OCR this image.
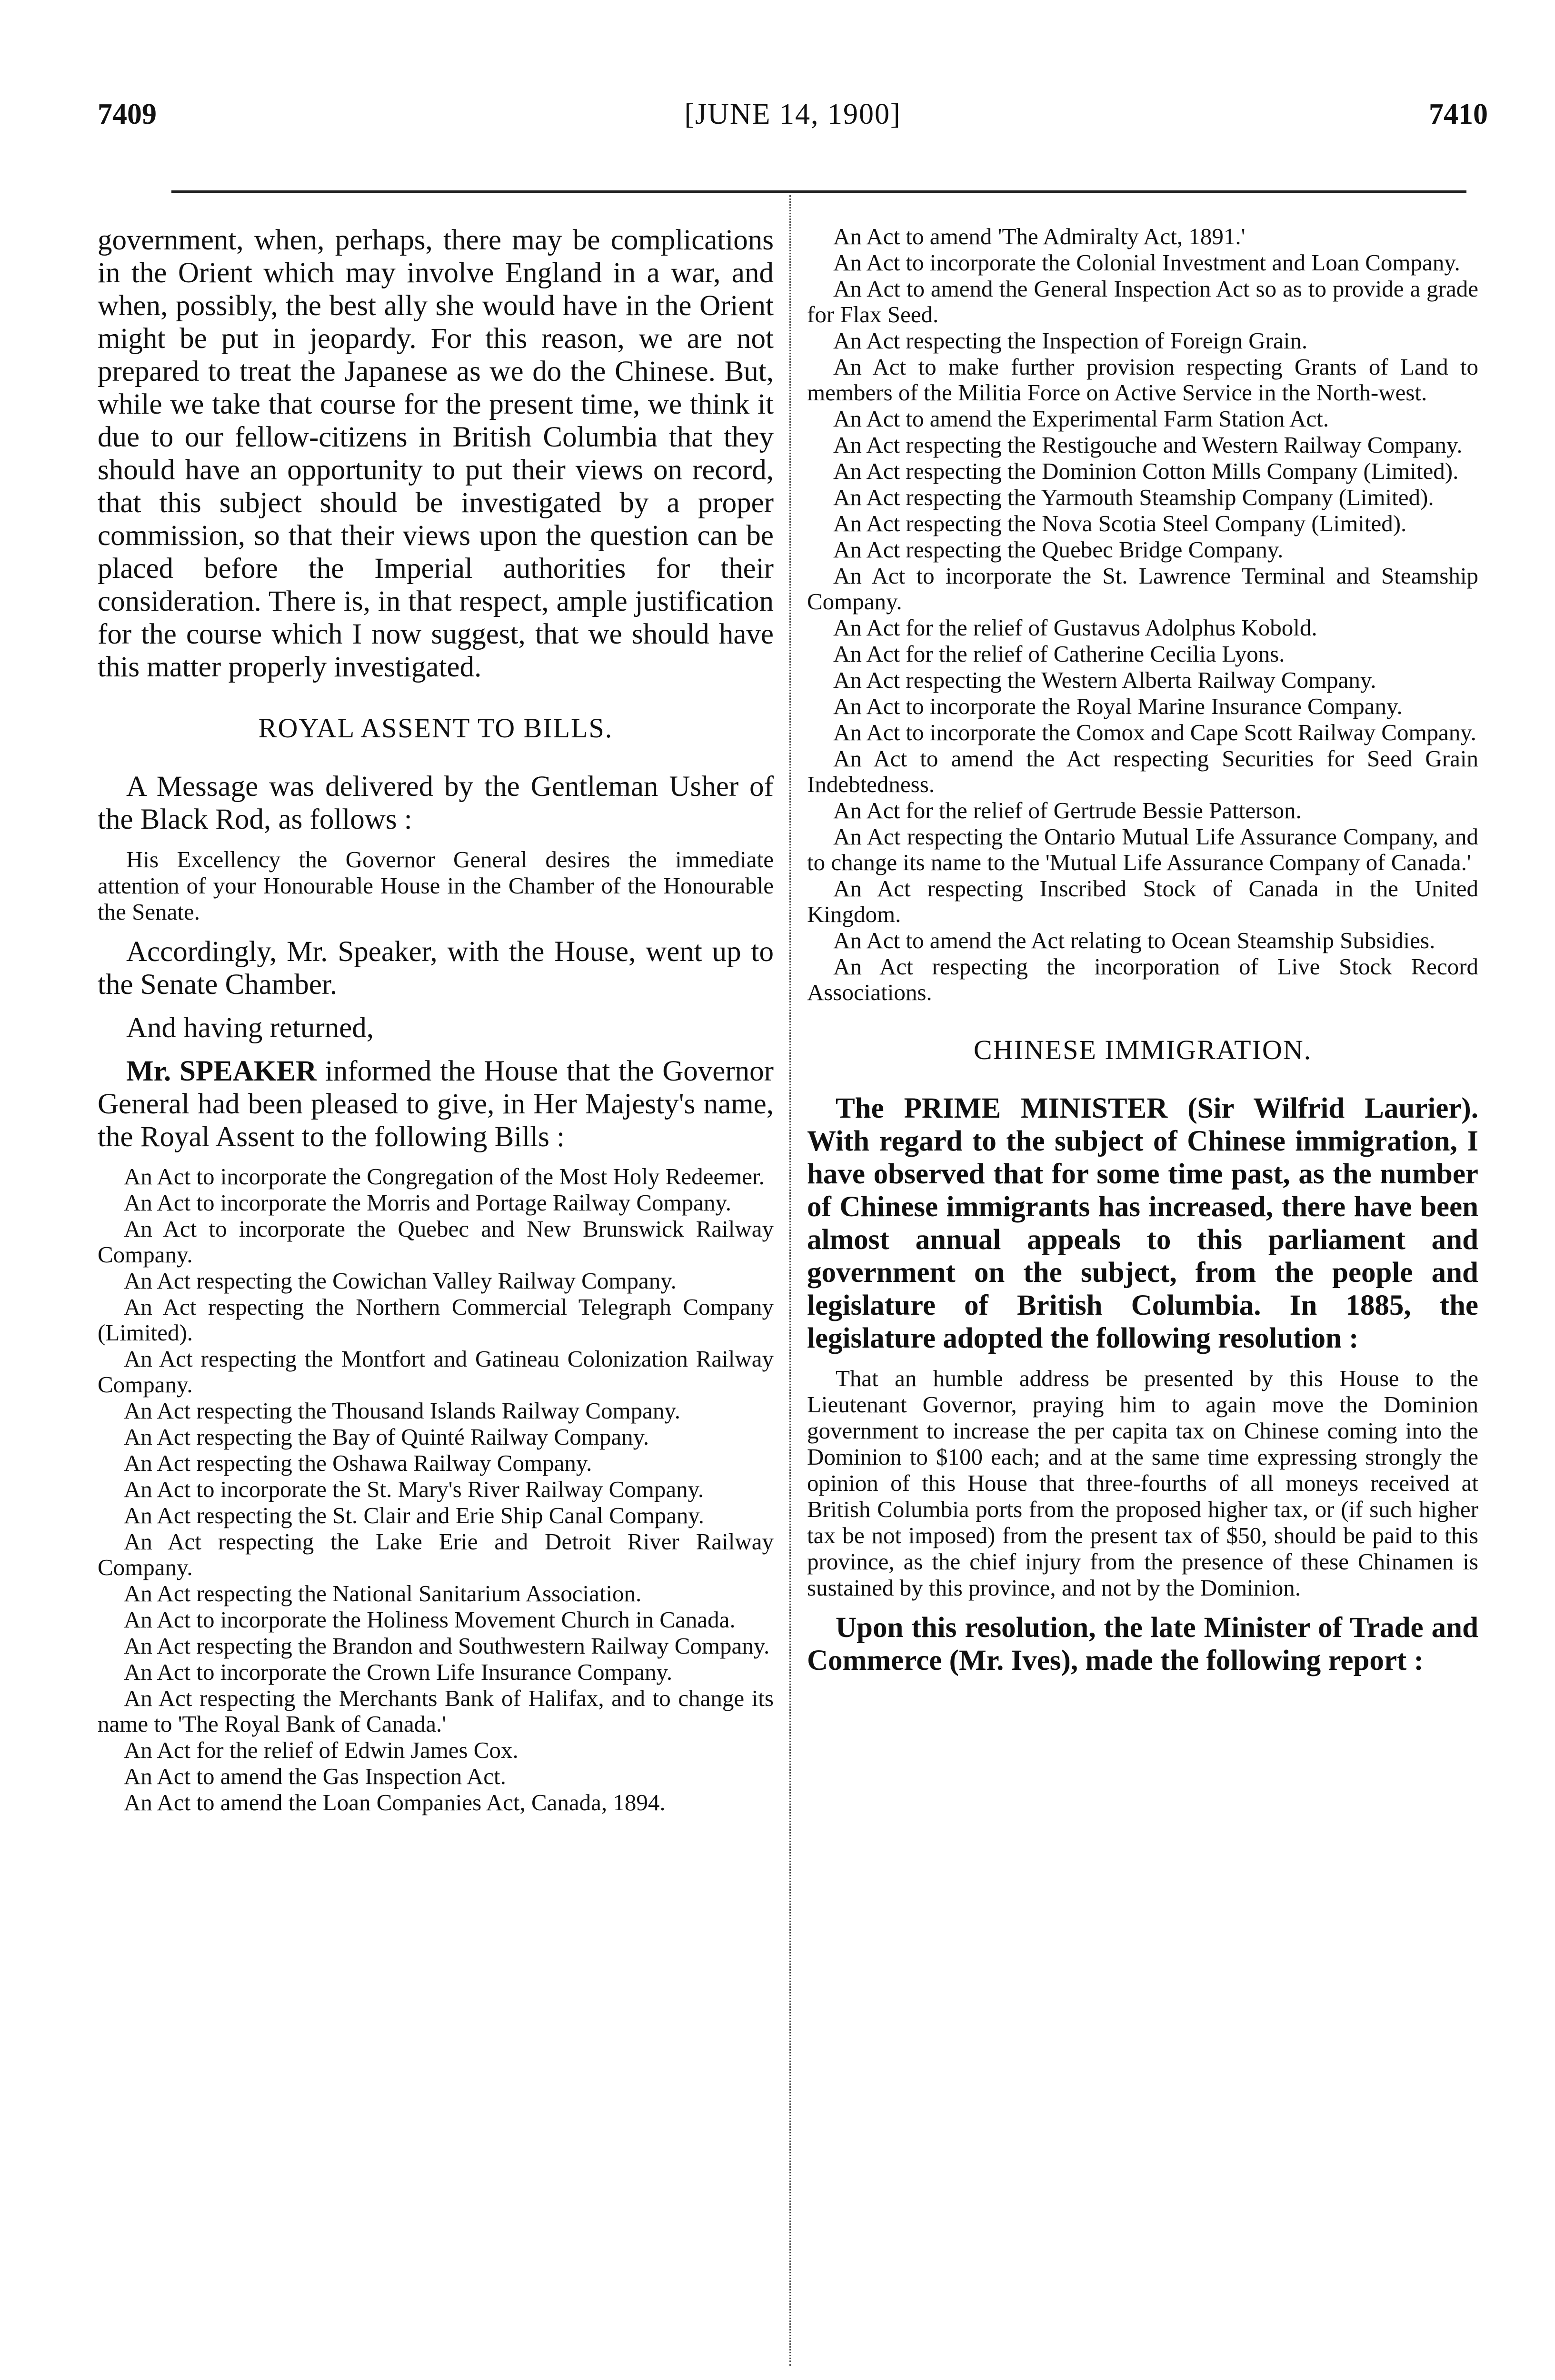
7409	[JUNE 14, 1900]	7410

government, when, perhaps, there may be complications in the Orient which may involve England in a war, and when, possibly, the best ally she would have in the Orient might be put in jeopardy. For this reason, we are not prepared to treat the Japanese as we do the Chinese. But, while we take that course for the present time, we think it due to our fellow-citizens in British Columbia that they should have an opportunity to put their views on record, that this subject should be investigated by a proper commission, so that their views upon the question can be placed before the Imperial authorities for their consideration. There is, in that respect, ample justification for the course which I now suggest, that we should have this matter properly investigated.

ROYAL ASSENT TO BILLS.

A Message was delivered by the Gentleman Usher of the Black Rod, as follows :

His Excellency the Governor General desires the immediate attention of your Honourable House in the Chamber of the Honourable the Senate.

Accordingly, Mr. Speaker, with the House, went up to the Senate Chamber.

And having returned,

Mr. SPEAKER informed the House that the Governor General had been pleased to give, in Her Majesty's name, the Royal Assent to the following Bills :

An Act to incorporate the Congregation of the Most Holy Redeemer.

An Act to incorporate the Morris and Portage Railway Company.

An Act to incorporate the Quebec and New Brunswick Railway Company.

An Act respecting the Cowichan Valley Railway Company.

An Act respecting the Northern Commercial Telegraph Company (Limited).

An Act respecting the Montfort and Gatineau Colonization Railway Company.

An Act respecting the Thousand Islands Railway Company.

An Act respecting the Bay of Quinté Railway Company.

An Act respecting the Oshawa Railway Company.

An Act to incorporate the St. Mary's River Railway Company.

An Act respecting the St. Clair and Erie Ship Canal Company.

An Act respecting the Lake Erie and Detroit River Railway Company.

An Act respecting the National Sanitarium Association.

An Act to incorporate the Holiness Movement Church in Canada.

An Act respecting the Brandon and Southwestern Railway Company.

An Act to incorporate the Crown Life Insurance Company.

An Act respecting the Merchants Bank of Halifax, and to change its name to 'The Royal Bank of Canada.'

An Act for the relief of Edwin James Cox.

An Act to amend the Gas Inspection Act.

An Act to amend the Loan Companies Act, Canada, 1894.

An Act to amend 'The Admiralty Act, 1891.'

An Act to incorporate the Colonial Investment and Loan Company.

An Act to amend the General Inspection Act so as to provide a grade for Flax Seed.

An Act respecting the Inspection of Foreign Grain.

An Act to make further provision respecting Grants of Land to members of the Militia Force on Active Service in the North-west.

An Act to amend the Experimental Farm Station Act.

An Act respecting the Restigouche and Western Railway Company.

An Act respecting the Dominion Cotton Mills Company (Limited).

An Act respecting the Yarmouth Steamship Company (Limited).

An Act respecting the Nova Scotia Steel Company (Limited).

An Act respecting the Quebec Bridge Company.

An Act to incorporate the St. Lawrence Terminal and Steamship Company.

An Act for the relief of Gustavus Adolphus Kobold.

An Act for the relief of Catherine Cecilia Lyons.

An Act respecting the Western Alberta Railway Company.

An Act to incorporate the Royal Marine Insurance Company.

An Act to incorporate the Comox and Cape Scott Railway Company.

An Act to amend the Act respecting Securities for Seed Grain Indebtedness.

An Act for the relief of Gertrude Bessie Patterson.

An Act respecting the Ontario Mutual Life Assurance Company, and to change its name to the 'Mutual Life Assurance Company of Canada.'

An Act respecting Inscribed Stock of Canada in the United Kingdom.

An Act to amend the Act relating to Ocean Steamship Subsidies.

An Act respecting the incorporation of Live Stock Record Associations.

CHINESE IMMIGRATION.

The PRIME MINISTER (Sir Wilfrid Laurier). With regard to the subject of Chinese immigration, I have observed that for some time past, as the number of Chinese immigrants has increased, there have been almost annual appeals to this parliament and government on the subject, from the people and legislature of British Columbia. In 1885, the legislature adopted the following resolution :

That an humble address be presented by this House to the Lieutenant Governor, praying him to again move the Dominion government to increase the per capita tax on Chinese coming into the Dominion to $100 each; and at the same time expressing strongly the opinion of this House that three-fourths of all moneys received at British Columbia ports from the proposed higher tax, or (if such higher tax be not imposed) from the present tax of $50, should be paid to this province, as the chief injury from the presence of these Chinamen is sustained by this province, and not by the Dominion.

Upon this resolution, the late Minister of Trade and Commerce (Mr. Ives), made the following report :
